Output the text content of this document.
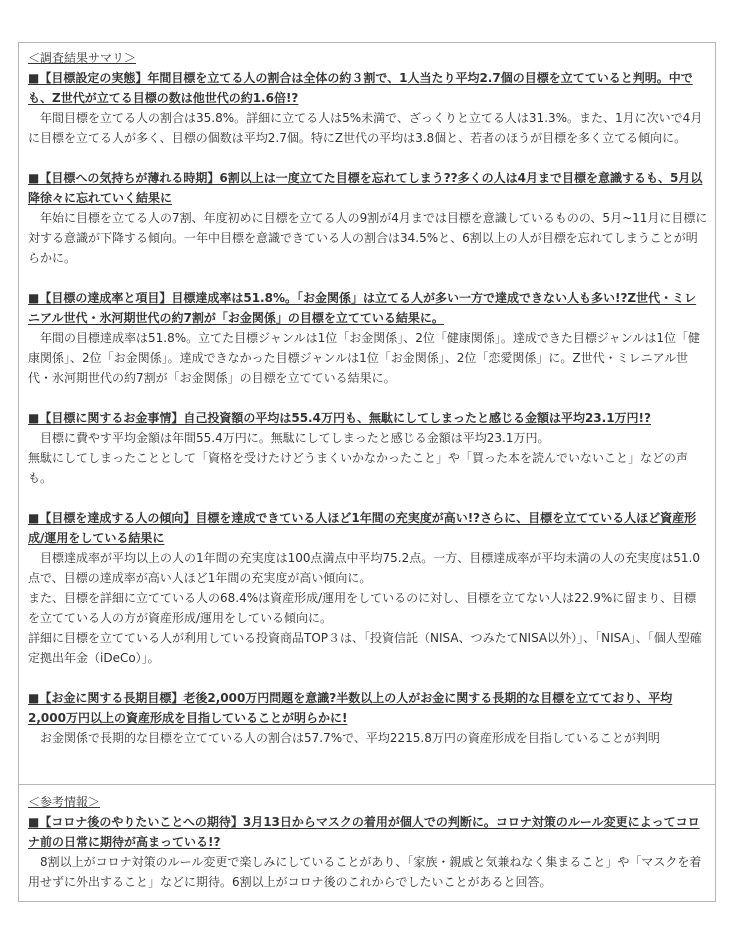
＜調査結果サマリ＞
■【目標設定の実態】年間目標を立てる人の割合は全体の約３割で、1人当たり平均2.7個の目標を立てていると判明。中でも、Z世代が立てる目標の数は他世代の約1.6倍!?

　年間目標を立てる人の割合は35.8%。詳細に立てる人は5%未満で、ざっくりと立てる人は31.3%。また、1月に次いで4月に目標を立てる人が多く、目標の個数は平均2.7個。特にZ世代の平均は3.8個と、若者のほうが目標を多く立てる傾向に。

■【目標への気持ちが薄れる時期】6割以上は一度立てた目標を忘れてしまう??多くの人は4月まで目標を意識するも、5月以降徐々に忘れていく結果に

　年始に目標を立てる人の7割、年度初めに目標を立てる人の9割が4月までは目標を意識しているものの、5月~11月に目標に対する意識が下降する傾向。一年中目標を意識できている人の割合は34.5%と、6割以上の人が目標を忘れてしまうことが明らかに。

■【目標の達成率と項目】目標達成率は51.8%。「お金関係」は立てる人が多い一方で達成できない人も多い!?Z世代・ミレニアル世代・氷河期世代の約7割が「お金関係」の目標を立てている結果に。

　年間の目標達成率は51.8%。立てた目標ジャンルは1位「お金関係」、2位「健康関係」。達成できた目標ジャンルは1位「健康関係」、2位「お金関係」。達成できなかった目標ジャンルは1位「お金関係」、2位「恋愛関係」に。Z世代・ミレニアル世代・氷河期世代の約7割が「お金関係」の目標を立てている結果に。

■【目標に関するお金事情】自己投資額の平均は55.4万円も、無駄にしてしまったと感じる金額は平均23.1万円!?

　目標に費やす平均金額は年間55.4万円に。無駄にしてしまったと感じる金額は平均23.1万円。

無駄にしてしまったこととして「資格を受けたけどうまくいかなかったこと」や「買った本を読んでいないこと」などの声も。

■【目標を達成する人の傾向】目標を達成できている人ほど1年間の充実度が高い!?さらに、目標を立てている人ほど資産形成/運用をしている結果に

　目標達成率が平均以上の人の1年間の充実度は100点満点中平均75.2点。一方、目標達成率が平均未満の人の充実度は51.0点で、目標の達成率が高い人ほど1年間の充実度が高い傾向に。

また、目標を詳細に立てている人の68.4%は資産形成/運用をしているのに対し、目標を立てない人は22.9%に留まり、目標を立てている人の方が資産形成/運用をしている傾向に。

詳細に目標を立てている人が利用している投資商品TOP３は、「投資信託（NISA、つみたてNISA以外）」、「NISA」、「個人型確定拠出年金（iDeCo）」。

■【お金に関する長期目標】老後2,000万円問題を意識?半数以上の人がお金に関する長期的な目標を立てており、平均2,000万円以上の資産形成を目指していることが明らかに!

　お金関係で長期的な目標を立てている人の割合は57.7%で、平均2215.8万円の資産形成を目指していることが判明

＜参考情報＞
■【コロナ後のやりたいことへの期待】3月13日からマスクの着用が個人での判断に。コロナ対策のルール変更によってコロナ前の日常に期待が高まっている!?

　8割以上がコロナ対策のルール変更で楽しみにしていることがあり、「家族・親戚と気兼ねなく集まること」や「マスクを着用せずに外出すること」などに期待。6割以上がコロナ後のこれからでしたいことがあると回答。
